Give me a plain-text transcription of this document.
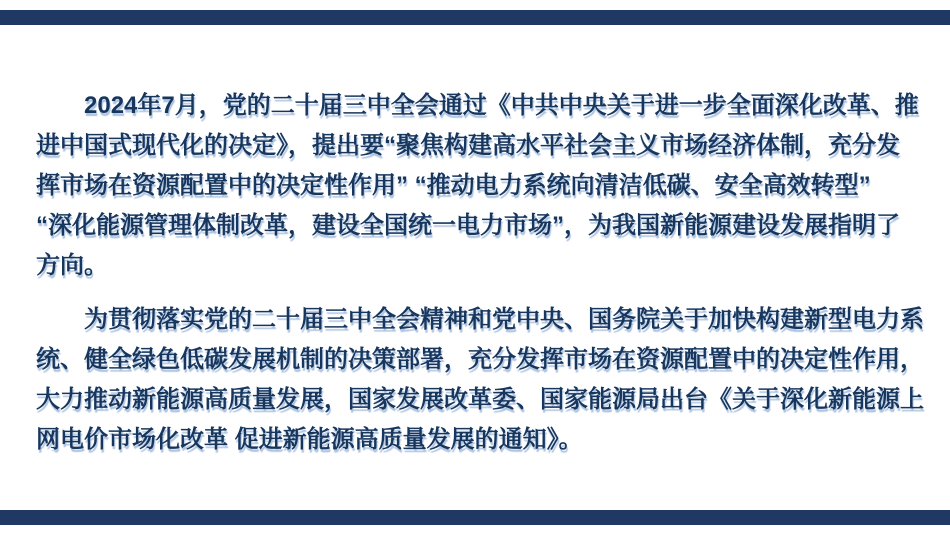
2024年7月，党的二十届三中全会通过《中共中央关于进一步全面深化改革、推
进中国式现代化的决定》，提出要“聚焦构建高水平社会主义市场经济体制，充分发
挥市场在资源配置中的决定性作用” “推动电力系统向清洁低碳、安全高效转型”
“深化能源管理体制改革，建设全国统一电力市场”，为我国新能源建设发展指明了
方向。
为贯彻落实党的二十届三中全会精神和党中央、国务院关于加快构建新型电力系
统、健全绿色低碳发展机制的决策部署，充分发挥市场在资源配置中的决定性作用，
大力推动新能源高质量发展，国家发展改革委、国家能源局出台《关于深化新能源上
网电价市场化改革 促进新能源高质量发展的通知》。
